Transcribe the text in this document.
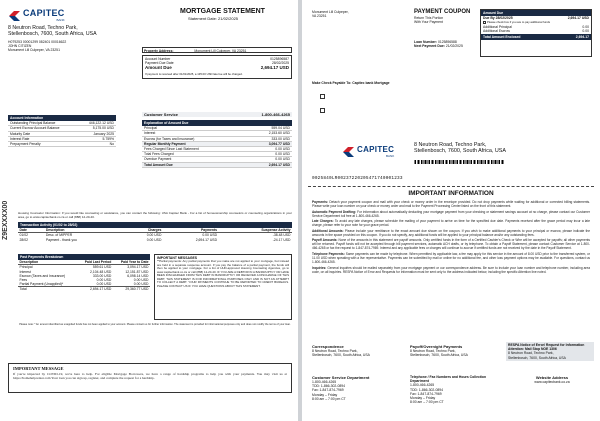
CAPITEC
BANK
8 Neutron Road, Techno Park,
Stellenbosch, 7600, South Africa, USA
H0T9253 00001299 082401 00016622
JOHN CITIZEN
Monument Lill Culpeper, VA 23251
MORTGAGE STATEMENT
Statement Date: 21/02/2025
Property Address:	Monument Lill Culpeper, VA 23251
Account Number	0125896587
Payment Due Date	28/02/2025
Amount Due	2,694.17 USD
If payment is received after 01/01/2025, a 135.00 USD late fee will be charged.
Customer Service	1-800-466-4265
Explanation of Amount Due
Principal	559.04 USD
Interest	2,153.60 USD
Escrow (for Taxes and Insurance)	333.00 USD
Regular Monthly Payment	3,094.77 USD
Fees Charged Since Last Statement	0.00 USD
Total Fees Charged	0.00 USD
Overdue Payment	0.00 USD
Total Amount Due	2,694.17 USD
Account Information
Outstanding Principal Balance	446,122.12 USD
Current Escrow Account Balance	5,175.00 USD
Maturity Date	January 2025
Interest Rate	5.759%
Prepayment Penalty	No
Z9EXXXX00	Housing Counselor Information: If you would like counseling or assistance, you can contact the following: USA Capitec Bank - For a list of homeownership counselors or counseling organizations in your area, go to www.capitecbank.co.za or call (888) 12-20-40.
Transaction Activity (01/02 to 28/02)
Date	Description	Charges	Payments	Suspense Activity
01/02	Desc. of MIPPER	0.00 USD	0.00 USD	-38.48 USD
28/02	Payment - thank you	0.00 USD	2,694.17 USD	-24.17 USD
Past Payments Breakdown
Description	Paid Last Period	Paid Year to Date
Principal	559.61 USD	3,094.17 USD
Interest	2,104.48 USD	12,151.87 USD
Escrow (Taxes and Insurance)	333.00 USD	6,098.14 USD
Fees	0.00 USD	0.00 USD
Partial Payment (Unapplied)*	0.00 USD	0.00 USD
Total	2,694.17 USD	29,360.77 USD
IMPORTANT MESSAGES
**Partial payments: Any partial payments that you make are not applied to your mortgage, but instead are held in a separate suspense account. If you pay the balance of a partial payment, the funds will then be applied to your mortgage. For a list of HUD-approved Housing Counseling Agencies, go to www.capitecbank.co.za or call (888) 12-20-40. IF YOU ARE A DEBTOR IN A BANKRUPTCY OR HAVE BEEN DISCHARGED FROM THIS DEBT IN BANKRUPTCY OR RECEIVED A DISCHARGE OF THIS DEBT, THIS STATEMENT IS FOR INFORMATIONAL PURPOSES ONLY AND IS NOT AN ATTEMPT TO COLLECT A DEBT. YOUR PAYMENTS CONTINUE TO BE REPORTED TO CREDIT BUREAUS. PLEASE CONTACT US IF YOU HAVE QUESTIONS ABOUT THIS STATEMENT.
Please note: * An amount identified as unapplied funds has not been applied to your account. Please contact us for further information. The statement is provided for informational purposes only and does not modify the terms of your loan.
IMPORTANT MESSAGE
If you're impacted by COVID-19, we're here to help. For eligible Mortgage Borrowers, we have a range of hardship programs to help you with your payments. You may visit us at https://homehelpcenter.com Your loan you can sign up, register, and complete the request for a hardship.
Monument Lill Culpeper,
VA 23251
PAYMENT COUPON
Return This Portion
With Your Payment
Loan Number: 0125896588
Next Payment Due: 21/02/2025
Amount Due
Due By 28/02/2025	2,694.17 USD
Please check box if you are to pay additional funds
Additional Principal	0.00
Additional Escrow	0.00
Total Amount Enclosed	2,694.17
Make Check Payable To: Capitec bank Mortgage
CAPITEC
BANK
8 Neutron Road, Techno Park,
Stellenbosch, 7600, South Africa, USA
0025840LR00237220205471740001233
IMPORTANT INFORMATION
Payments: Detach your payment coupon and mail with your check or money order in the envelope provided. Do not drop payments while waiting for additional or corrected billing statements. Please write your loan number on your check or money order and mail to the Payment Processing Center listed on the front of this statement.
Automatic Payment Drafting: For information about automatically deducting your mortgage payment from your checking or statement savings account at no charge, please contact our Customer Service Department toll free at 1-800-466-4265.
Late Charges: To avoid any late charges, please schedule the mailing of your payment to arrive on time for the specified due date. Payments received after the grace period may incur a late charge, please refer to your note for your grace period.
Additional Amounts: Please include your remittance to the exact amount due shown on the coupon. If you wish to make additional payments to your principal or escrow, please indicate the amounts in the space provided on this coupon. If you do not specify, any additional funds will be applied to your principal balance and/or any outstanding fees.
Payoff Amounts: None of the amounts in this statement are payoff amounts. Only certified funds in the form of a Certified Cashier's Check or Wire will be accepted for payoffs; all other payments will be returned. Payoff funds will not be accepted through bill payment services, automatic ACH drafts, or by telephone. To obtain a Payoff Statement, please contact Customer Service at 1-800-466-4265 or fax the request to 1-847-874-7969. Interest and any applicable fees or charges will continue to accrue if certified funds are not received by the date in the Payoff Statement.
Telephone Payments: Same payments can be made by telephone. When permitted by applicable law, a fee may apply for this service in the amount of 8.00 USD prior to the transferred system, or 11.00 USD when speaking with a live representative. Payments can be submitted by mail or online for no additional fee, and other loss payment options may be available. For questions, contact us 1-800-466-4265.
Inquiries: General inquiries should be mailed separately from your mortgage payment or our correspondence address. Be sure to include your loan number and telephone number, including area code, on all inquiries. RESPA Notice of Error and Requests for Information must be sent only to the address indicated below, including the specific Attention line noted.
Correspondence
8 Neutron Road, Techno Park,
Stellenbosch, 7600, South Africa, USA
Payoff/Overnight Payments
8 Neutron Road, Techno Park,
Stellenbosch, 7600, South Africa, USA
RESPA Notice of Error/ Request for Information
Attention: Mail Stop NOE 1306
8 Neutron Road, Techno Park,
Stellenbosch, 7600, South Africa, USA
Customer Service Department
1-800-466-4265
TDD: 1-866-302-0894
Fax: 1-847-874-7969
Monday – Friday
8:00 am – 7:00 pm CT
Telephone / Fax Numbers and Hours Collection Department
1-800-466-4265
TDD: 1-866-302-0894
Fax: 1-847-874-7969
Monday – Friday
8:00 am – 7:00 pm CT
Website Address
www.capitecbank.co.za
